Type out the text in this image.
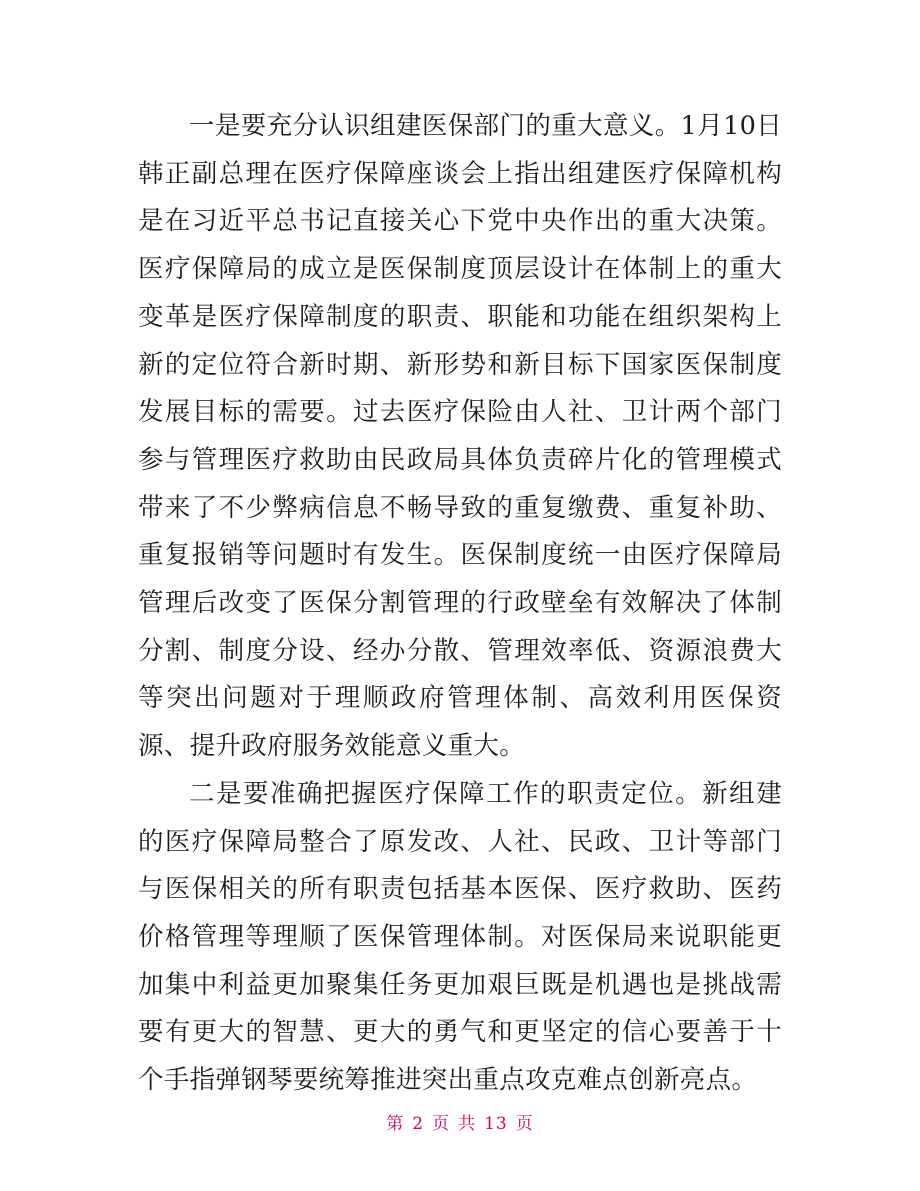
一是要充分认识组建医保部门的重大意义。1月10日韩正副总理在医疗保障座谈会上指出组建医疗保障机构是在习近平总书记直接关心下党中央作出的重大决策。医疗保障局的成立是医保制度顶层设计在体制上的重大变革是医疗保障制度的职责、职能和功能在组织架构上新的定位符合新时期、新形势和新目标下国家医保制度发展目标的需要。过去医疗保险由人社、卫计两个部门参与管理医疗救助由民政局具体负责碎片化的管理模式带来了不少弊病信息不畅导致的重复缴费、重复补助、重复报销等问题时有发生。医保制度统一由医疗保障局管理后改变了医保分割管理的行政壁垒有效解决了体制分割、制度分设、经办分散、管理效率低、资源浪费大等突出问题对于理顺政府管理体制、高效利用医保资源、提升政府服务效能意义重大。

二是要准确把握医疗保障工作的职责定位。新组建的医疗保障局整合了原发改、人社、民政、卫计等部门与医保相关的所有职责包括基本医保、医疗救助、医药价格管理等理顺了医保管理体制。对医保局来说职能更加集中利益更加聚集任务更加艰巨既是机遇也是挑战需要有更大的智慧、更大的勇气和更坚定的信心要善于十个手指弹钢琴要统筹推进突出重点攻克难点创新亮点。

第 2 页 共 13 页
